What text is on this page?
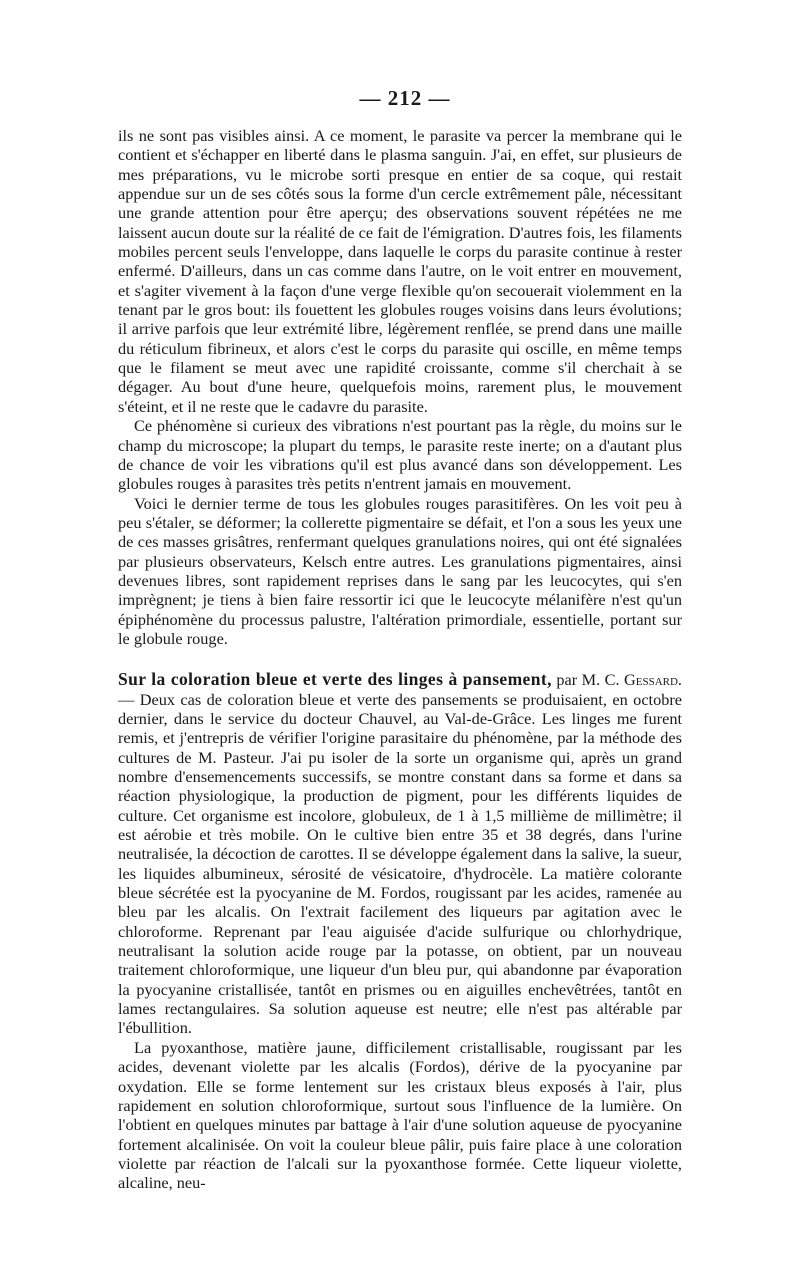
— 212 —

ils ne sont pas visibles ainsi. A ce moment, le parasite va percer la membrane qui le contient et s'échapper en liberté dans le plasma sanguin. J'ai, en effet, sur plusieurs de mes préparations, vu le microbe sorti presque en entier de sa coque, qui restait appendue sur un de ses côtés sous la forme d'un cercle extrêmement pâle, nécessitant une grande attention pour être aperçu; des observations souvent répétées ne me laissent aucun doute sur la réalité de ce fait de l'émigration. D'autres fois, les filaments mobiles percent seuls l'enveloppe, dans laquelle le corps du parasite continue à rester enfermé. D'ailleurs, dans un cas comme dans l'autre, on le voit entrer en mouvement, et s'agiter vivement à la façon d'une verge flexible qu'on secouerait violemment en la tenant par le gros bout: ils fouettent les globules rouges voisins dans leurs évolutions; il arrive parfois que leur extrémité libre, légèrement renflée, se prend dans une maille du réticulum fibrineux, et alors c'est le corps du parasite qui oscille, en même temps que le filament se meut avec une rapidité croissante, comme s'il cherchait à se dégager. Au bout d'une heure, quelquefois moins, rarement plus, le mouvement s'éteint, et il ne reste que le cadavre du parasite.

Ce phénomène si curieux des vibrations n'est pourtant pas la règle, du moins sur le champ du microscope; la plupart du temps, le parasite reste inerte; on a d'autant plus de chance de voir les vibrations qu'il est plus avancé dans son développement. Les globules rouges à parasites très petits n'entrent jamais en mouvement.

Voici le dernier terme de tous les globules rouges parasitifères. On les voit peu à peu s'étaler, se déformer; la collerette pigmentaire se défait, et l'on a sous les yeux une de ces masses grisâtres, renfermant quelques granulations noires, qui ont été signalées par plusieurs observateurs, Kelsch entre autres. Les granulations pigmentaires, ainsi devenues libres, sont rapidement reprises dans le sang par les leucocytes, qui s'en imprègnent; je tiens à bien faire ressortir ici que le leucocyte mélanifère n'est qu'un épiphénomène du processus palustre, l'altération primordiale, essentielle, portant sur le globule rouge.

Sur la coloration bleue et verte des linges à pansement, par M. C. Gessard. — Deux cas de coloration bleue et verte des pansements se produisaient, en octobre dernier, dans le service du docteur Chauvel, au Val-de-Grâce. Les linges me furent remis, et j'entrepris de vérifier l'origine parasitaire du phénomène, par la méthode des cultures de M. Pasteur. J'ai pu isoler de la sorte un organisme qui, après un grand nombre d'ensemencements successifs, se montre constant dans sa forme et dans sa réaction physiologique, la production de pigment, pour les différents liquides de culture. Cet organisme est incolore, globuleux, de 1 à 1,5 millième de millimètre; il est aérobie et très mobile. On le cultive bien entre 35 et 38 degrés, dans l'urine neutralisée, la décoction de carottes. Il se développe également dans la salive, la sueur, les liquides albumineux, sérosité de vésicatoire, d'hydrocèle. La matière colorante bleue sécrétée est la pyocyanine de M. Fordos, rougissant par les acides, ramenée au bleu par les alcalis. On l'extrait facilement des liqueurs par agitation avec le chloroforme. Reprenant par l'eau aiguisée d'acide sulfurique ou chlorhydrique, neutralisant la solution acide rouge par la potasse, on obtient, par un nouveau traitement chloroformique, une liqueur d'un bleu pur, qui abandonne par évaporation la pyocyanine cristallisée, tantôt en prismes ou en aiguilles enchevêtrées, tantôt en lames rectangulaires. Sa solution aqueuse est neutre; elle n'est pas altérable par l'ébullition.

La pyoxanthose, matière jaune, difficilement cristallisable, rougissant par les acides, devenant violette par les alcalis (Fordos), dérive de la pyocyanine par oxydation. Elle se forme lentement sur les cristaux bleus exposés à l'air, plus rapidement en solution chloroformique, surtout sous l'influence de la lumière. On l'obtient en quelques minutes par battage à l'air d'une solution aqueuse de pyocyanine fortement alcalinisée. On voit la couleur bleue pâlir, puis faire place à une coloration violette par réaction de l'alcali sur la pyoxanthose formée. Cette liqueur violette, alcaline, neu-
